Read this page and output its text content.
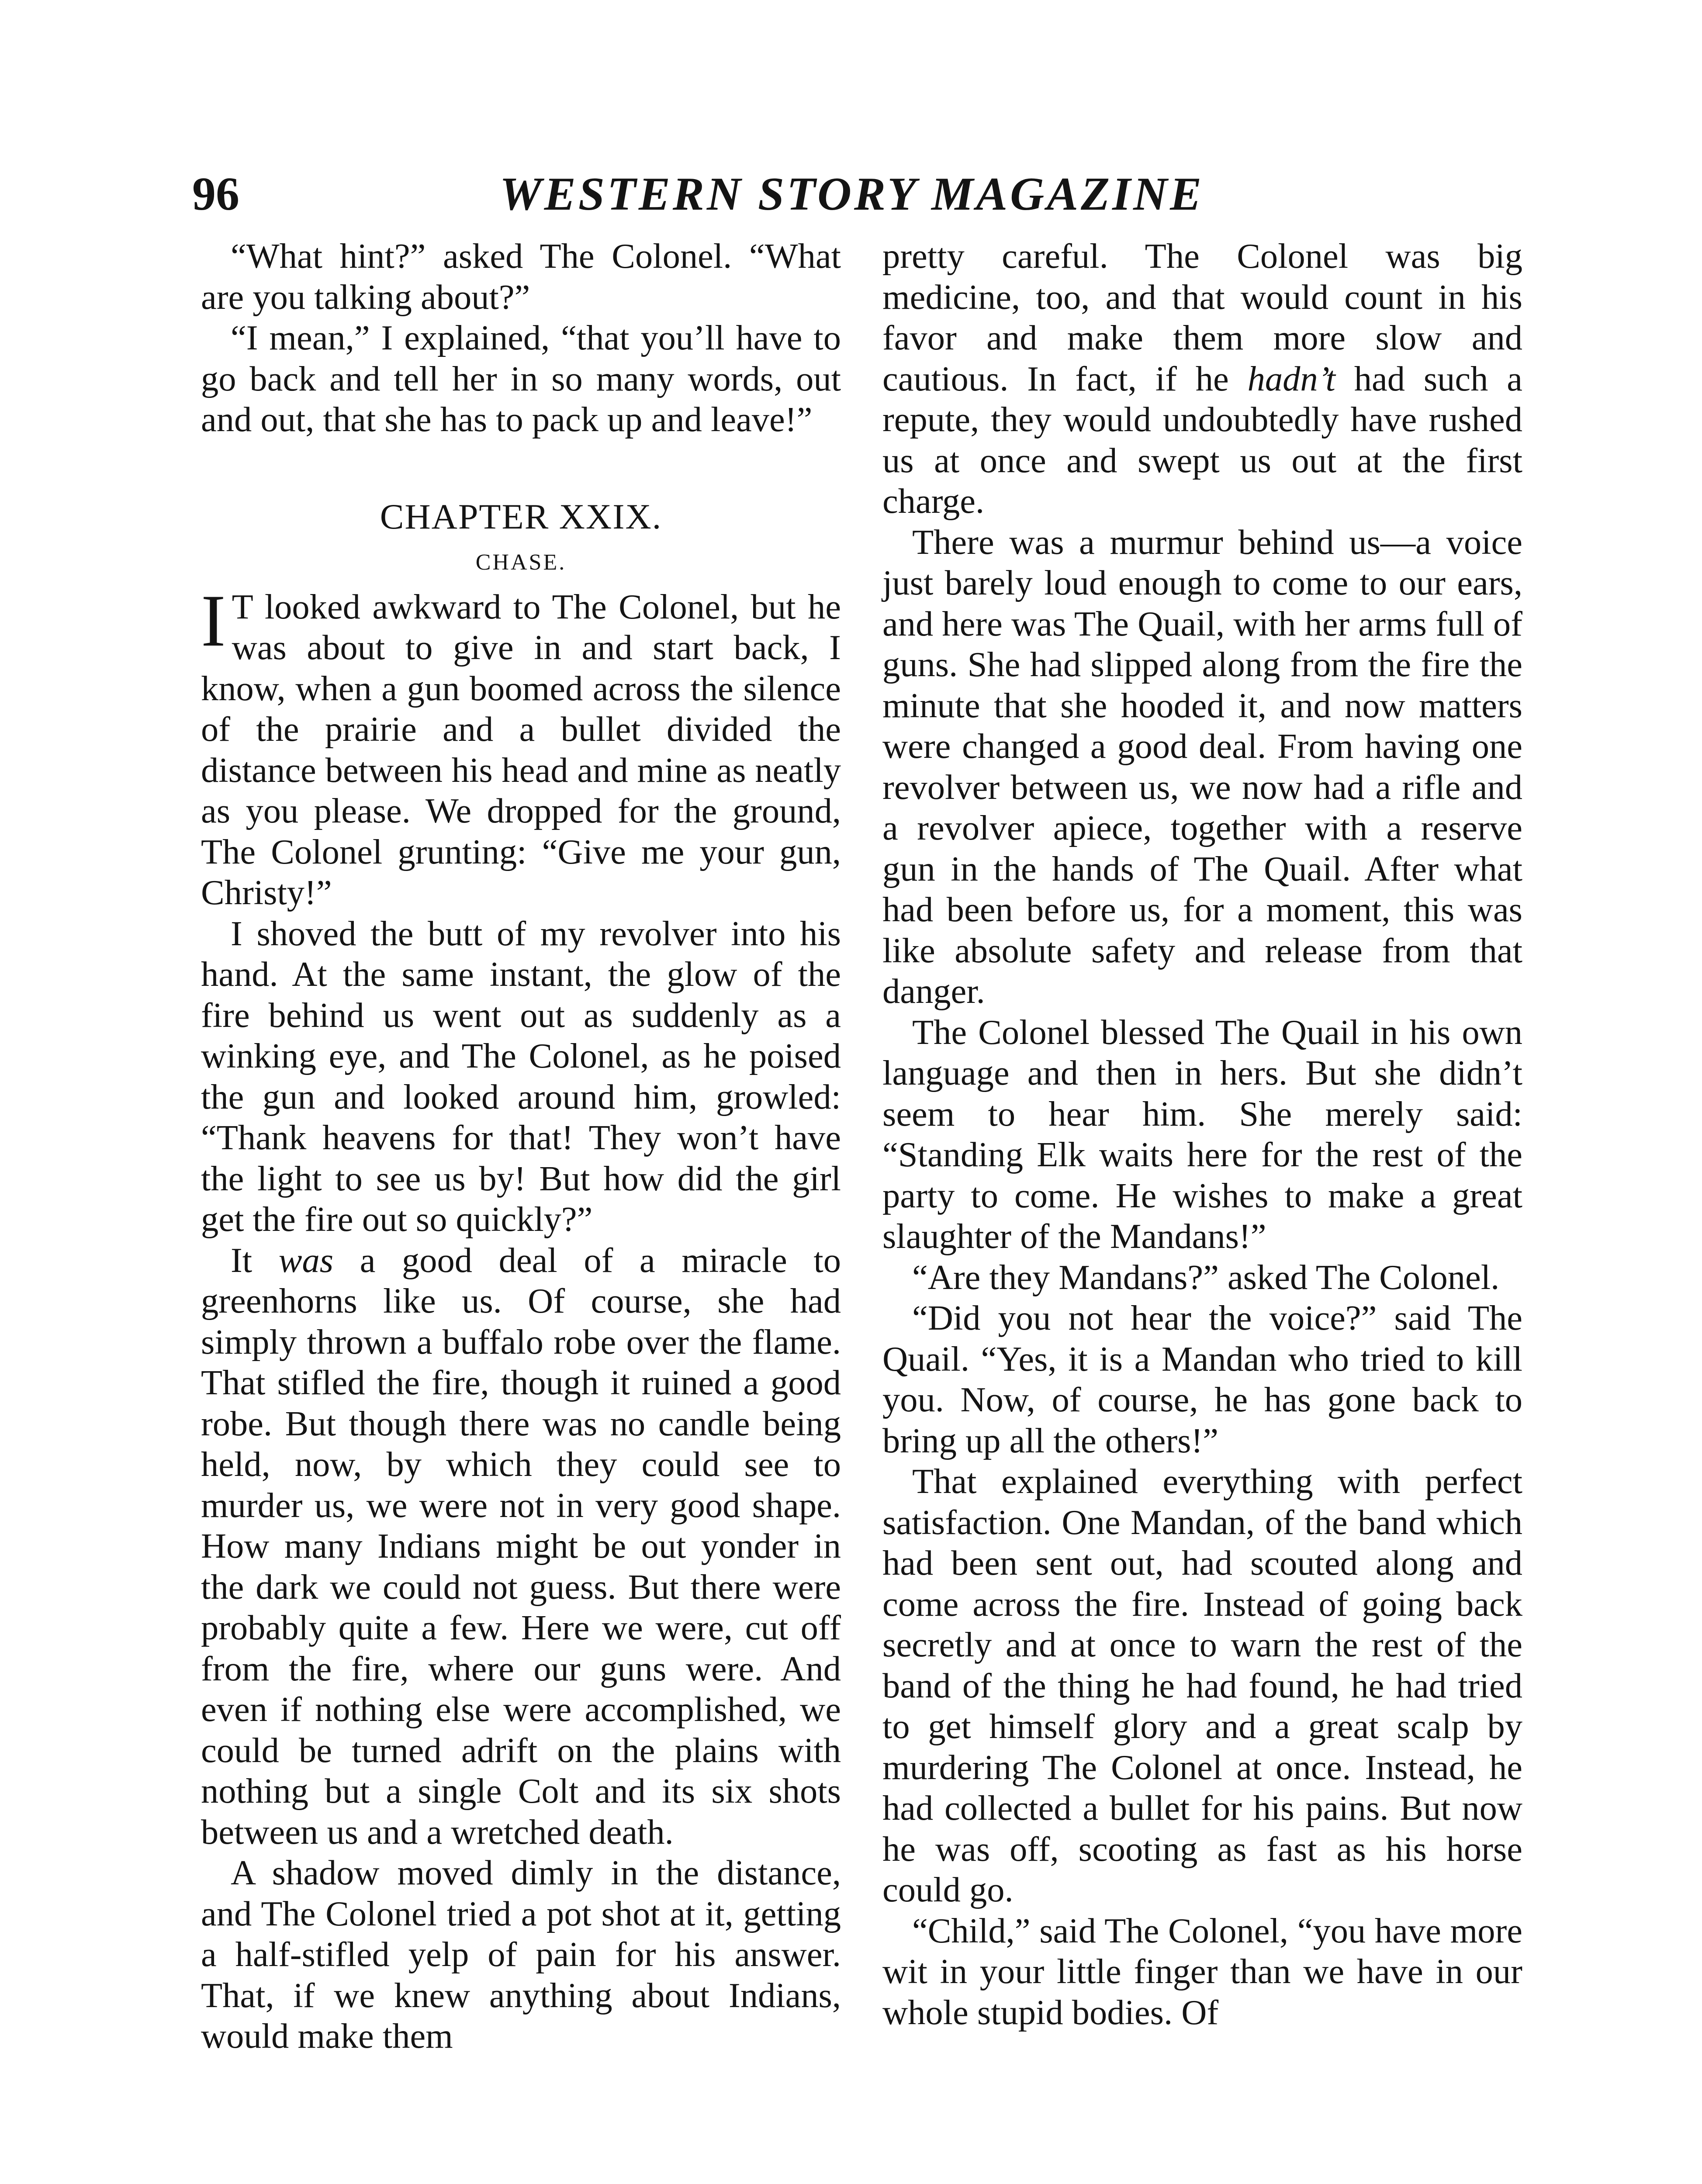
96	WESTERN STORY MAGAZINE

“What hint?” asked The Colonel. “What are you talking about?”

“I mean,” I explained, “that you’ll have to go back and tell her in so many words, out and out, that she has to pack up and leave!”

CHAPTER XXIX.
CHASE.

I T looked awkward to The Colonel, but he was about to give in and start back, I know, when a gun boomed across the silence of the prairie and a bullet divided the distance between his head and mine as neatly as you please. We dropped for the ground, The Colonel grunting: “Give me your gun, Christy!”

I shoved the butt of my revolver into his hand. At the same instant, the glow of the fire behind us went out as suddenly as a winking eye, and The Colonel, as he poised the gun and looked around him, growled: “Thank heavens for that! They won’t have the light to see us by! But how did the girl get the fire out so quickly?”

It was a good deal of a miracle to greenhorns like us. Of course, she had simply thrown a buffalo robe over the flame. That stifled the fire, though it ruined a good robe. But though there was no candle being held, now, by which they could see to murder us, we were not in very good shape. How many Indians might be out yonder in the dark we could not guess. But there were probably quite a few. Here we were, cut off from the fire, where our guns were. And even if nothing else were accomplished, we could be turned adrift on the plains with nothing but a single Colt and its six shots between us and a wretched death.

A shadow moved dimly in the distance, and The Colonel tried a pot shot at it, getting a half-stifled yelp of pain for his answer. That, if we knew anything about Indians, would make them

pretty careful. The Colonel was big medicine, too, and that would count in his favor and make them more slow and cautious. In fact, if he hadn’t had such a repute, they would undoubtedly have rushed us at once and swept us out at the first charge.

There was a murmur behind us—a voice just barely loud enough to come to our ears, and here was The Quail, with her arms full of guns. She had slipped along from the fire the minute that she hooded it, and now matters were changed a good deal. From having one revolver between us, we now had a rifle and a revolver apiece, together with a reserve gun in the hands of The Quail. After what had been before us, for a moment, this was like absolute safety and release from that danger.

The Colonel blessed The Quail in his own language and then in hers. But she didn’t seem to hear him. She merely said: “Standing Elk waits here for the rest of the party to come. He wishes to make a great slaughter of the Mandans!”

“Are they Mandans?” asked The Colonel.

“Did you not hear the voice?” said The Quail. “Yes, it is a Mandan who tried to kill you. Now, of course, he has gone back to bring up all the others!”

That explained everything with perfect satisfaction. One Mandan, of the band which had been sent out, had scouted along and come across the fire. Instead of going back secretly and at once to warn the rest of the band of the thing he had found, he had tried to get himself glory and a great scalp by murdering The Colonel at once. Instead, he had collected a bullet for his pains. But now he was off, scooting as fast as his horse could go.

“Child,” said The Colonel, “you have more wit in your little finger than we have in our whole stupid bodies. Of
